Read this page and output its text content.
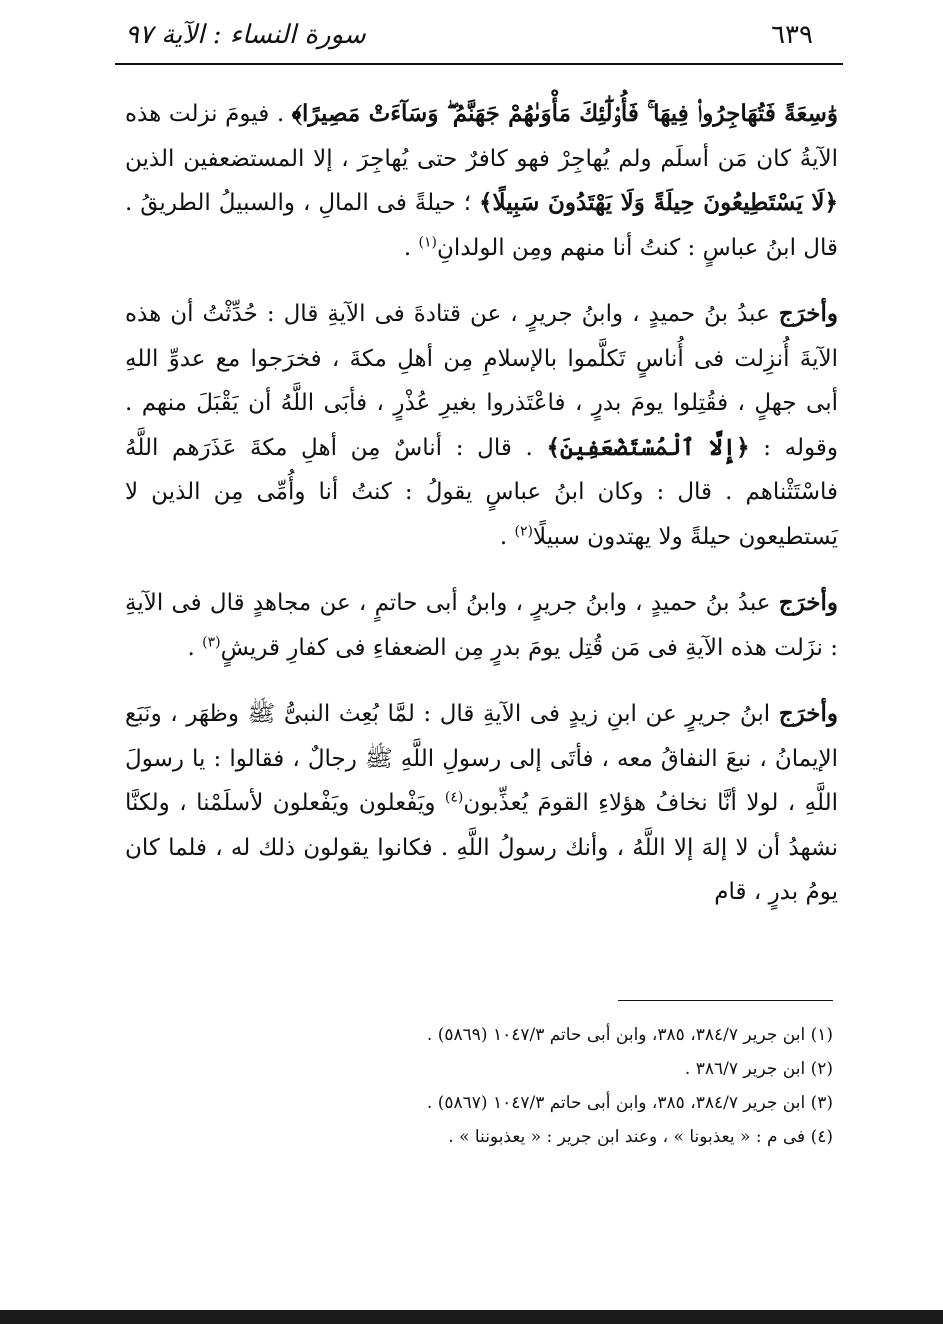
٦٣٩
سورة النساء : الآية ٩٧

وَٰسِعَةً فَتُهَاجِرُوا۟ فِيهَا ۚ فَأُو۟لَٰٓئِكَ مَأْوَىٰهُمْ جَهَنَّمُ ۖ وَسَآءَتْ مَصِيرًا﴾ . فيومَ نزلت هذه الآيةُ كان مَن أسلَم ولم يُهاجِرْ فهو كافرٌ حتى يُهاجِرَ ، إلا المستضعفين الذين ﴿لَا يَسْتَطِيعُونَ حِيلَةً وَلَا يَهْتَدُونَ سَبِيلًا﴾ ؛ حيلةً فى المالِ ، والسبيلُ الطريقُ . قال ابنُ عباسٍ : كنتُ أنا منهم ومِن الولدانِ$^{(١)}$ .

وأخرَج عبدُ بنُ حميدٍ ، وابنُ جريرٍ ، عن قتادةَ فى الآيةِ قال : حُدِّثْتُ أن هذه الآيةَ أُنزِلت فى أُناسٍ تَكلَّموا بالإسلامِ مِن أهلِ مكةَ ، فخرَجوا مع عدوِّ اللهِ أبى جهلٍ ، فقُتِلوا يومَ بدرٍ ، فاعْتَذروا بغيرِ عُذْرٍ ، فأبَى اللَّهُ أن يَقْبَلَ منهم . وقوله : ﴿إِلَّا ٱلْمُسْتَضْعَفِينَ﴾ . قال : أناسٌ مِن أهلِ مكةَ عَذَرَهم اللَّهُ فاسْتَثْناهم . قال : وكان ابنُ عباسٍ يقولُ : كنتُ أنا وأُمِّى مِن الذين لا يَستطيعون حيلةً ولا يهتدون سبيلًا$^{(٢)}$ .

وأخرَج عبدُ بنُ حميدٍ ، وابنُ جريرٍ ، وابنُ أبى حاتمٍ ، عن مجاهدٍ قال فى الآيةِ : نزَلت هذه الآيةِ فى مَن قُتِل يومَ بدرٍ مِن الضعفاءِ فى كفارِ قريشٍ$^{(٣)}$ .

وأخرَج ابنُ جريرٍ عن ابنِ زيدٍ فى الآيةِ قال : لمَّا بُعِث النبىُّ ﷺ وظهَر ، ونَبَع الإيمانُ ، نبعَ النفاقُ معه ، فأتَى إلى رسولِ اللَّهِ ﷺ رجالٌ ، فقالوا : يا رسولَ اللَّهِ ، لولا أنَّا نخافُ هؤلاءِ القومَ يُعذِّبون$^{(٤)}$ ويَفْعلون ويَفْعلون لأسلَمْنا ، ولكنَّا نشهدُ أن لا إلهَ إلا اللَّهُ ، وأنك رسولُ اللَّهِ . فكانوا يقولون ذلك له ، فلما كان يومُ بدرٍ ، قام

(١) ابن جرير ٣٨٤/٧، ٣٨٥، وابن أبى حاتم ١٠٤٧/٣ (٥٨٦٩) .

(٢) ابن جرير ٣٨٦/٧ .

(٣) ابن جرير ٣٨٤/٧، ٣٨٥، وابن أبى حاتم ١٠٤٧/٣ (٥٨٦٧) .

(٤) فى م : « يعذبونا » ، وعند ابن جرير : « يعذبوننا » .
